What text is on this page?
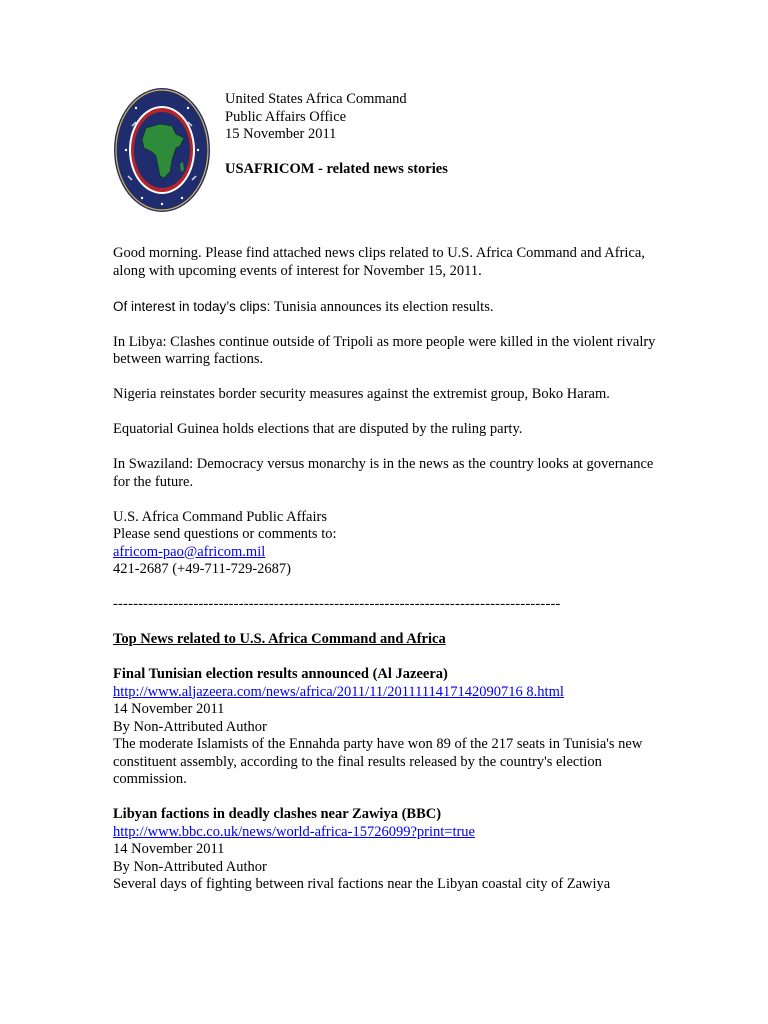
United States Africa Command
Public Affairs Office
15 November 2011
USAFRICOM - related news stories

Good morning. Please find attached news clips related to U.S. Africa Command and Africa, along with upcoming events of interest for November 15, 2011.

Of interest in today’s clips: Tunisia announces its election results.

In Libya: Clashes continue outside of Tripoli as more people were killed in the violent rivalry between warring factions.

Nigeria reinstates border security measures against the extremist group, Boko Haram.

Equatorial Guinea holds elections that are disputed by the ruling party.

In Swaziland: Democracy versus monarchy is in the news as the country looks at governance for the future.

U.S. Africa Command Public Affairs
Please send questions or comments to:
africom-pao@africom.mil
421-2687 (+49-711-729-2687)
-----------------------------------------------------------------------------------------
Top News related to U.S. Africa Command and Africa
Final Tunisian election results announced (Al Jazeera)
http://www.aljazeera.com/news/africa/2011/11/2011111417142090716 8.html
14 November 2011
By Non-Attributed Author
The moderate Islamists of the Ennahda party have won 89 of the 217 seats in Tunisia's new constituent assembly, according to the final results released by the country's election commission.
Libyan factions in deadly clashes near Zawiya (BBC)
http://www.bbc.co.uk/news/world-africa-15726099?print=true
14 November 2011
By Non-Attributed Author
Several days of fighting between rival factions near the Libyan coastal city of Zawiya
